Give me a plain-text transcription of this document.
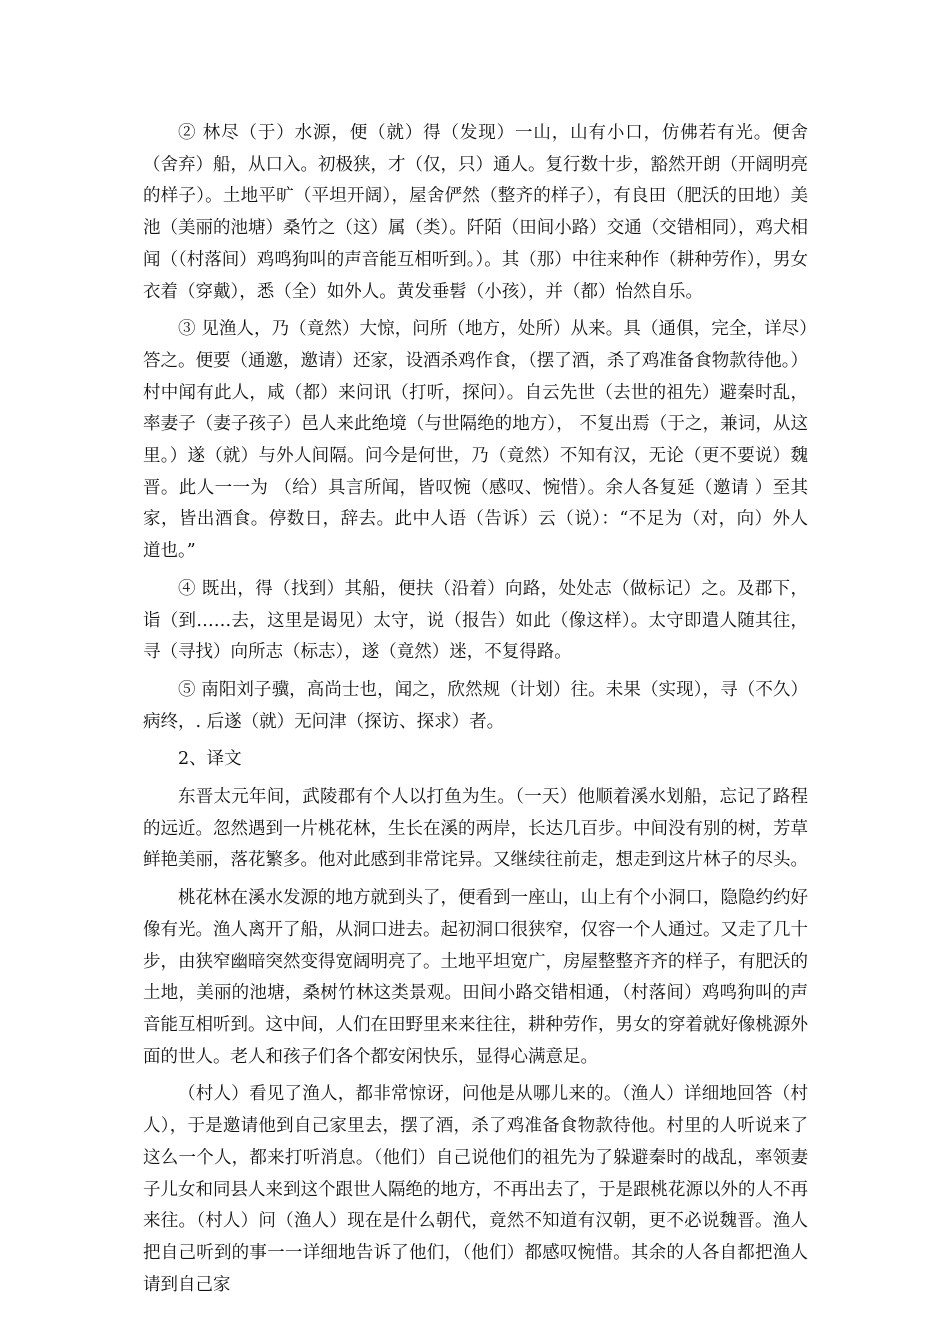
② 林尽（于）水源，便（就）得（发现）一山，山有小口，仿佛若有光。便舍（舍弃）船，从口入。初极狭，才（仅，只）通人。复行数十步，豁然开朗（开阔明亮的样子）。土地平旷（平坦开阔），屋舍俨然（整齐的样子），有良田（肥沃的田地）美池（美丽的池塘）桑竹之（这）属（类）。阡陌（田间小路）交通（交错相同），鸡犬相闻（（村落间）鸡鸣狗叫的声音能互相听到。）。其（那）中往来种作（耕种劳作），男女衣着（穿戴），悉（全）如外人。黄发垂髫（小孩），并（都）怡然自乐。

③ 见渔人，乃（竟然）大惊，问所（地方，处所）从来。具（通俱，完全，详尽）答之。便要（通邀，邀请）还家，设酒杀鸡作食，（摆了酒，杀了鸡准备食物款待他。）村中闻有此人，咸（都）来问讯（打听，探问）。自云先世（去世的祖先）避秦时乱，率妻子（妻子孩子）邑人来此绝境（与世隔绝的地方）， 不复出焉（于之，兼词，从这里。）遂（就）与外人间隔。问今是何世，乃（竟然）不知有汉，无论（更不要说）魏晋。此人一一为 （给）具言所闻，皆叹惋（感叹、惋惜）。余人各复延（邀请 ）至其家，皆出酒食。停数日，辞去。此中人语（告诉）云（说）：“不足为（对，向）外人道也。”

④ 既出，得（找到）其船，便扶（沿着）向路，处处志（做标记）之。及郡下，诣（到……去，这里是谒见）太守，说（报告）如此（像这样）。太守即遣人随其往，寻（寻找）向所志（标志），遂（竟然）迷，不复得路。

⑤ 南阳刘子骥，高尚士也，闻之，欣然规（计划）往。未果（实现），寻（不久）病终，. 后遂（就）无问津（探访、探求）者。

2、译文

东晋太元年间，武陵郡有个人以打鱼为生。（一天）他顺着溪水划船，忘记了路程的远近。忽然遇到一片桃花林，生长在溪的两岸，长达几百步。中间没有别的树，芳草鲜艳美丽，落花繁多。他对此感到非常诧异。又继续往前走，想走到这片林子的尽头。

桃花林在溪水发源的地方就到头了，便看到一座山，山上有个小洞口，隐隐约约好像有光。渔人离开了船，从洞口进去。起初洞口很狭窄，仅容一个人通过。又走了几十步，由狭窄幽暗突然变得宽阔明亮了。土地平坦宽广，房屋整整齐齐的样子，有肥沃的土地，美丽的池塘，桑树竹林这类景观。田间小路交错相通，（村落间）鸡鸣狗叫的声音能互相听到。这中间，人们在田野里来来往往，耕种劳作，男女的穿着就好像桃源外面的世人。老人和孩子们各个都安闲快乐，显得心满意足。

（村人）看见了渔人，都非常惊讶，问他是从哪儿来的。（渔人）详细地回答（村人），于是邀请他到自己家里去，摆了酒，杀了鸡准备食物款待他。村里的人听说来了这么一个人，都来打听消息。（他们）自己说他们的祖先为了躲避秦时的战乱，率领妻子儿女和同县人来到这个跟世人隔绝的地方，不再出去了，于是跟桃花源以外的人不再来往。（村人）问（渔人）现在是什么朝代，竟然不知道有汉朝，更不必说魏晋。渔人把自己听到的事一一详细地告诉了他们，（他们）都感叹惋惜。其余的人各自都把渔人请到自己家
